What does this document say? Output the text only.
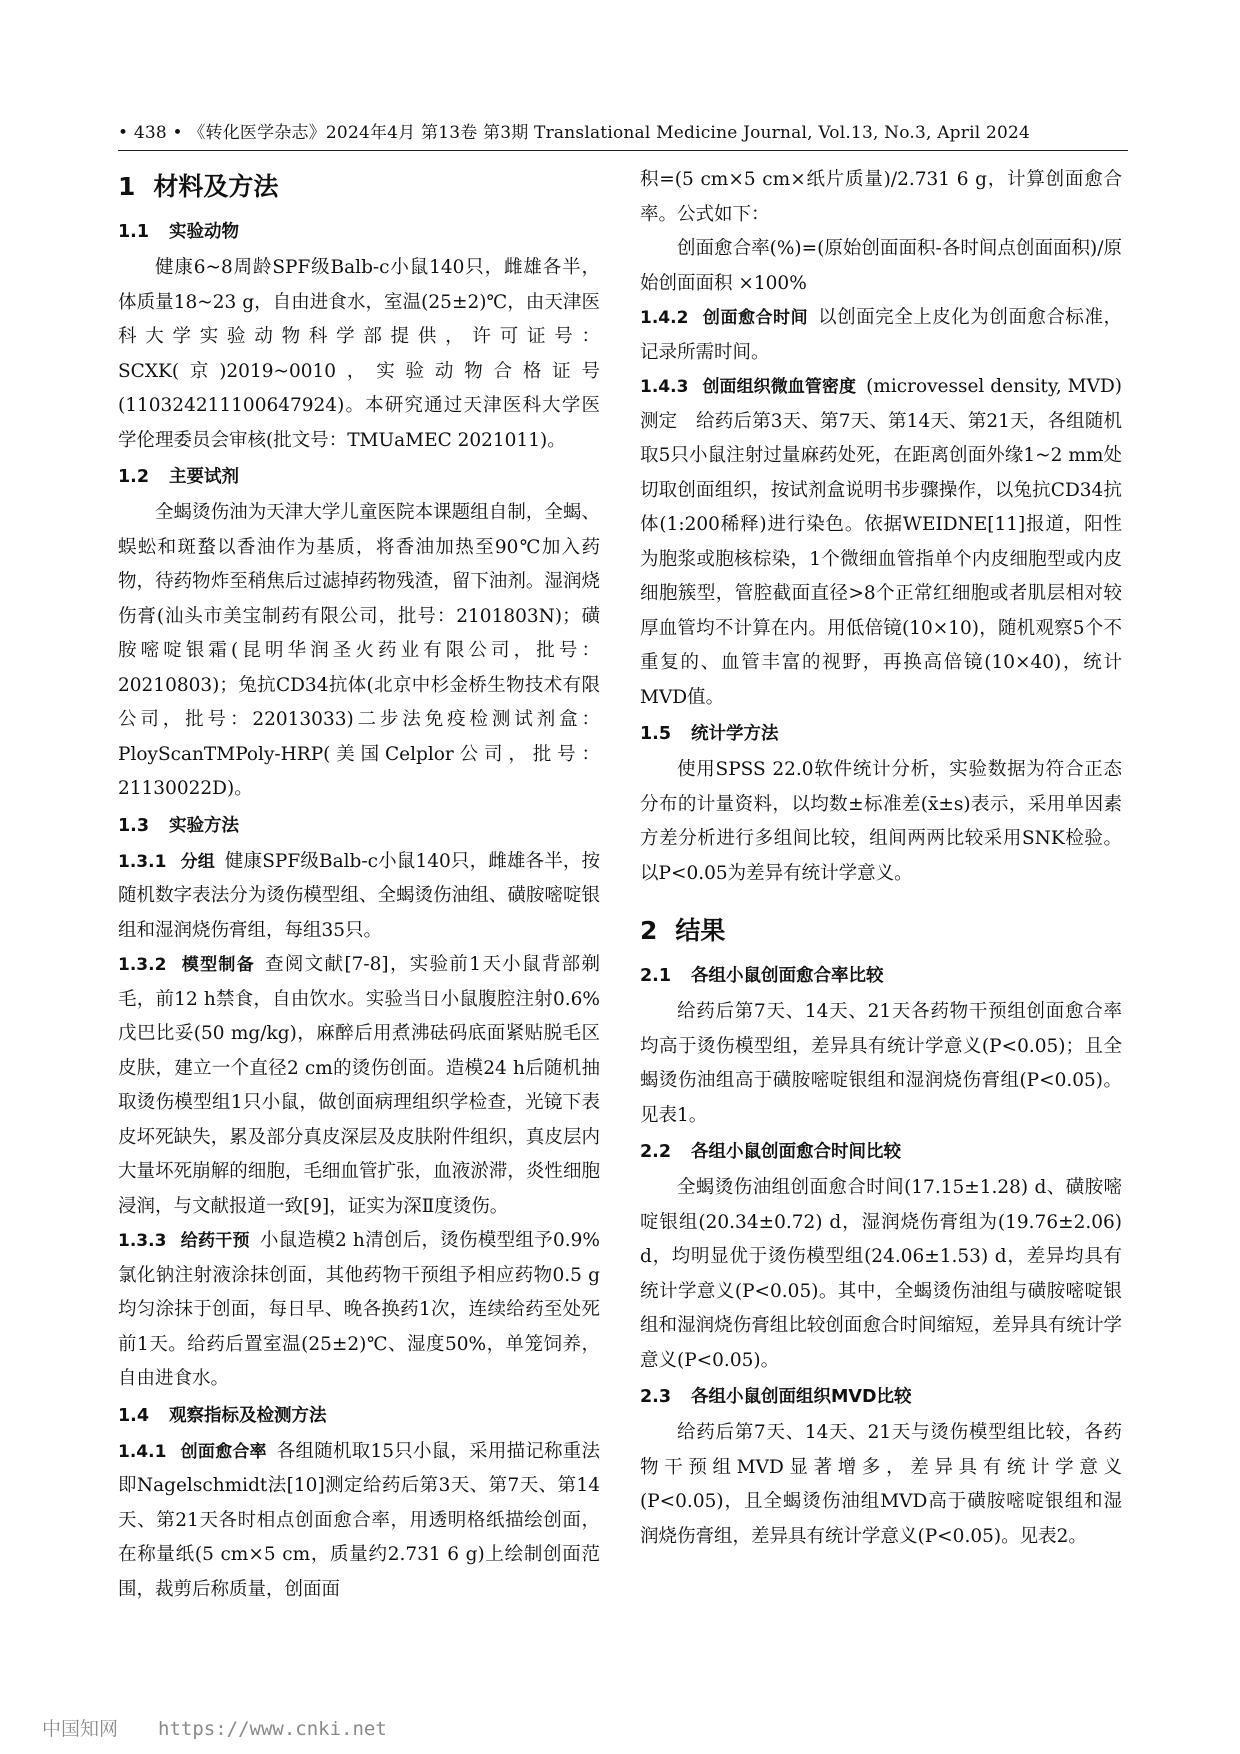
• 438 • 《转化医学杂志》2024年4月 第13卷 第3期 Translational Medicine Journal, Vol.13, No.3, April 2024
1 材料及方法
1.1 实验动物

健康6~8周龄SPF级Balb-c小鼠140只，雌雄各半，体质量18~23 g，自由进食水，室温(25±2)℃，由天津医科大学实验动物科学部提供，许可证号：SCXK(京)2019~0010，实验动物合格证号(110324211100647924)。本研究通过天津医科大学医学伦理委员会审核(批文号：TMUaMEC 2021011)。

1.2 主要试剂

全蝎烫伤油为天津大学儿童医院本课题组自制，全蝎、蜈蚣和斑蝥以香油作为基质，将香油加热至90℃加入药物，待药物炸至稍焦后过滤掉药物残渣，留下油剂。湿润烧伤膏(汕头市美宝制药有限公司，批号：2101803N)；磺胺嘧啶银霜(昆明华润圣火药业有限公司，批号：20210803)；兔抗CD34抗体(北京中杉金桥生物技术有限公司，批号：22013033)二步法免疫检测试剂盒：PloyScanTMPoly-HRP(美国Celplor公司，批号：21130022D)。

1.3 实验方法

1.3.1 分组 健康SPF级Balb-c小鼠140只，雌雄各半，按随机数字表法分为烫伤模型组、全蝎烫伤油组、磺胺嘧啶银组和湿润烧伤膏组，每组35只。

1.3.2 模型制备 查阅文献[7-8]，实验前1天小鼠背部剃毛，前12 h禁食，自由饮水。实验当日小鼠腹腔注射0.6%戊巴比妥(50 mg/kg)，麻醉后用煮沸砝码底面紧贴脱毛区皮肤，建立一个直径2 cm的烫伤创面。造模24 h后随机抽取烫伤模型组1只小鼠，做创面病理组织学检查，光镜下表皮坏死缺失，累及部分真皮深层及皮肤附件组织，真皮层内大量坏死崩解的细胞，毛细血管扩张，血液淤滞，炎性细胞浸润，与文献报道一致[9]，证实为深Ⅱ度烫伤。

1.3.3 给药干预 小鼠造模2 h清创后，烫伤模型组予0.9%氯化钠注射液涂抹创面，其他药物干预组予相应药物0.5 g均匀涂抹于创面，每日早、晚各换药1次，连续给药至处死前1天。给药后置室温(25±2)℃、湿度50%，单笼饲养，自由进食水。

1.4 观察指标及检测方法

1.4.1 创面愈合率 各组随机取15只小鼠，采用描记称重法即Nagelschmidt法[10]测定给药后第3天、第7天、第14天、第21天各时相点创面愈合率，用透明格纸描绘创面，在称量纸(5 cm×5 cm，质量约2.731 6 g)上绘制创面范围，裁剪后称质量，创面面

积=(5 cm×5 cm×纸片质量)/2.731 6 g，计算创面愈合率。公式如下：

创面愈合率(%)=(原始创面面积-各时间点创面面积)/原始创面面积 ×100%

1.4.2 创面愈合时间 以创面完全上皮化为创面愈合标准，记录所需时间。

1.4.3 创面组织微血管密度 (microvessel density, MVD)测定　 给药后第3天、第7天、第14天、第21天，各组随机取5只小鼠注射过量麻药处死，在距离创面外缘1~2 mm处切取创面组织，按试剂盒说明书步骤操作，以兔抗CD34抗体(1:200稀释)进行染色。依据WEIDNE[11]报道，阳性为胞浆或胞核棕染，1个微细血管指单个内皮细胞型或内皮细胞簇型，管腔截面直径>8个正常红细胞或者肌层相对较厚血管均不计算在内。用低倍镜(10×10)，随机观察5个不重复的、血管丰富的视野，再换高倍镜(10×40)，统计MVD值。

1.5 统计学方法

使用SPSS 22.0软件统计分析，实验数据为符合正态分布的计量资料，以均数±标准差(x̄±s)表示，采用单因素方差分析进行多组间比较，组间两两比较采用SNK检验。以P<0.05为差异有统计学意义。

2 结果
2.1 各组小鼠创面愈合率比较

给药后第7天、14天、21天各药物干预组创面愈合率均高于烫伤模型组，差异具有统计学意义(P<0.05)；且全蝎烫伤油组高于磺胺嘧啶银组和湿润烧伤膏组(P<0.05)。见表1。

2.2 各组小鼠创面愈合时间比较

全蝎烫伤油组创面愈合时间(17.15±1.28) d、磺胺嘧啶银组(20.34±0.72) d，湿润烧伤膏组为(19.76±2.06) d，均明显优于烫伤模型组(24.06±1.53) d，差异均具有统计学意义(P<0.05)。其中，全蝎烫伤油组与磺胺嘧啶银组和湿润烧伤膏组比较创面愈合时间缩短，差异具有统计学意义(P<0.05)。

2.3 各组小鼠创面组织MVD比较

给药后第7天、14天、21天与烫伤模型组比较，各药物干预组MVD显著增多，差异具有统计学意义(P<0.05)，且全蝎烫伤油组MVD高于磺胺嘧啶银组和湿润烧伤膏组，差异具有统计学意义(P<0.05)。见表2。

中国知网 https://www.cnki.net
